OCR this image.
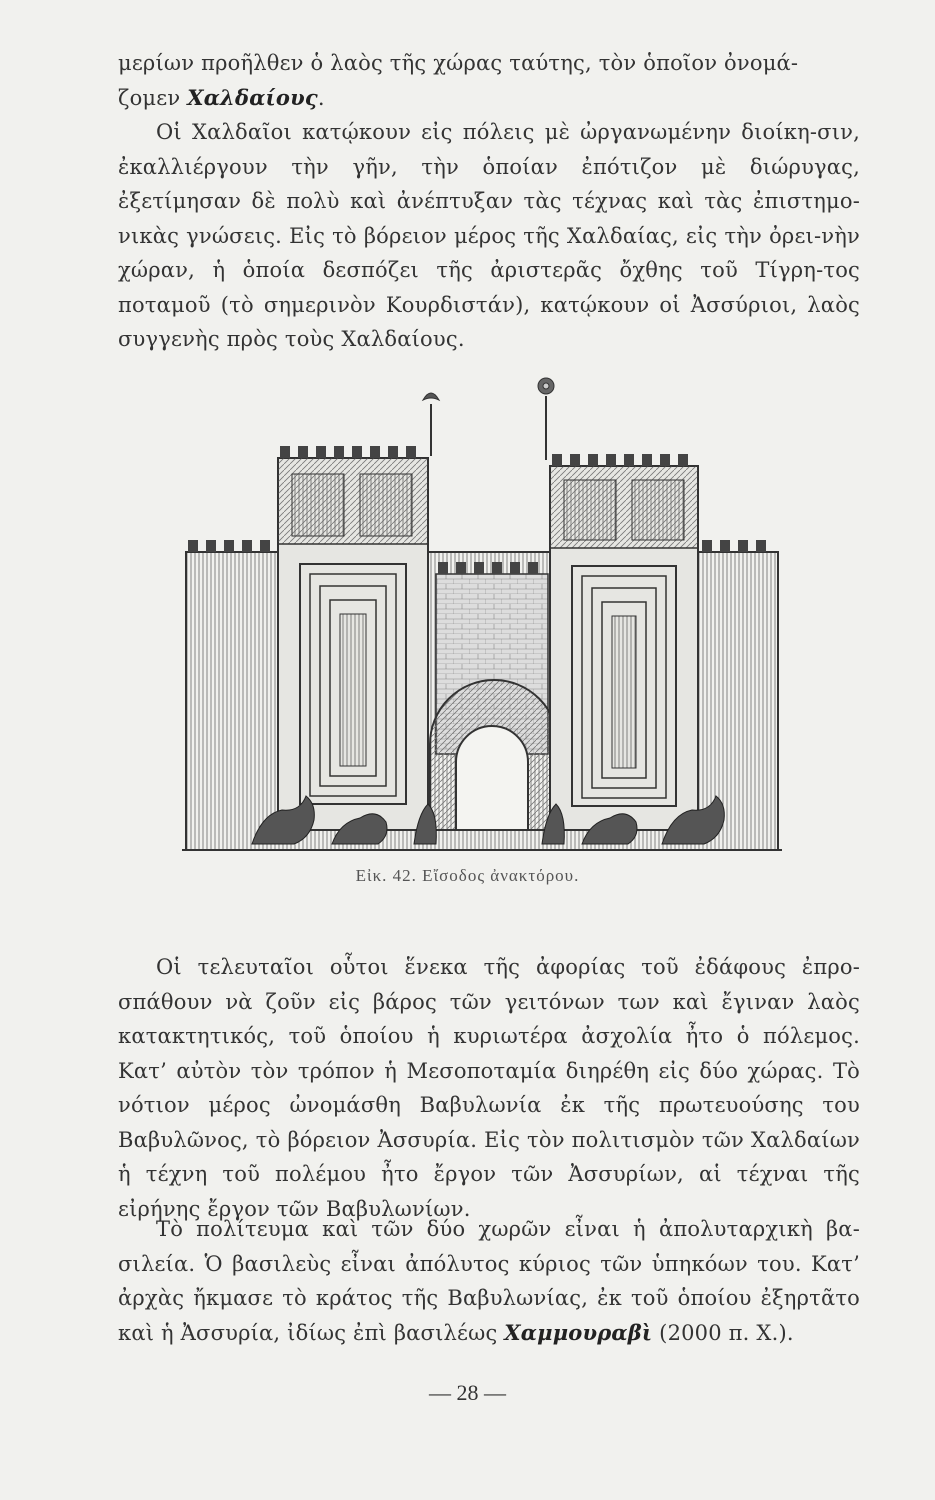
μερίων προῆλθεν ὁ λαὸς τῆς χώρας ταύτης, τὸν ὁποῖον ὀνομά-
ζομεν Χαλδαίους.
Οἱ Χαλδαῖοι κατῴκουν εἰς πόλεις μὲ ὠργανωμένην διοίκη-σιν, ἐκαλλιέργουν τὴν γῆν, τὴν ὁποίαν ἐπότιζον μὲ διώρυγας, ἐξετίμησαν δὲ πολὺ καὶ ἀνέπτυξαν τὰς τέχνας καὶ τὰς ἐπιστημο-νικὰς γνώσεις. Εἰς τὸ βόρειον μέρος τῆς Χαλδαίας, εἰς τὴν ὀρει-νὴν χώραν, ἡ ὁποία δεσπόζει τῆς ἀριστερᾶς ὄχθης τοῦ Τίγρη-τος ποταμοῦ (τὸ σημερινὸν Κουρδιστάν), κατῴκουν οἱ Ἀσσύριοι, λαὸς συγγενὴς πρὸς τοὺς Χαλδαίους.

Εἰκ. 42. Εἴσοδος ἀνακτόρου.

Οἱ τελευταῖοι οὗτοι ἕνεκα τῆς ἀφορίας τοῦ ἐδάφους ἐπρο-σπάθουν νὰ ζοῦν εἰς βάρος τῶν γειτόνων των καὶ ἔγιναν λαὸς κατακτητικός, τοῦ ὁποίου ἡ κυριωτέρα ἀσχολία ἦτο ὁ πόλεμος. Κατ’ αὐτὸν τὸν τρόπον ἡ Μεσοποταμία διηρέθη εἰς δύο χώρας. Τὸ νότιον μέρος ὠνομάσθη Βαβυλωνία ἐκ τῆς πρωτευούσης του Βαβυλῶνος, τὸ βόρειον Ἀσσυρία. Εἰς τὸν πολιτισμὸν τῶν Χαλδαίων ἡ τέχνη τοῦ πολέμου ἦτο ἔργον τῶν Ἀσσυρίων, αἱ τέχναι τῆς εἰρήνης ἔργον τῶν Βαβυλωνίων.

Τὸ πολίτευμα καὶ τῶν δύο χωρῶν εἶναι ἡ ἀπολυταρχικὴ βα-σιλεία. Ὁ βασιλεὺς εἶναι ἀπόλυτος κύριος τῶν ὑπηκόων του. Κατ’ ἀρχὰς ἤκμασε τὸ κράτος τῆς Βαβυλωνίας, ἐκ τοῦ ὁποίου ἐξηρτᾶτο καὶ ἡ Ἀσσυρία, ἰδίως ἐπὶ βασιλέως Χαμμουραβὶ (2000 π. Χ.).

— 28 —
